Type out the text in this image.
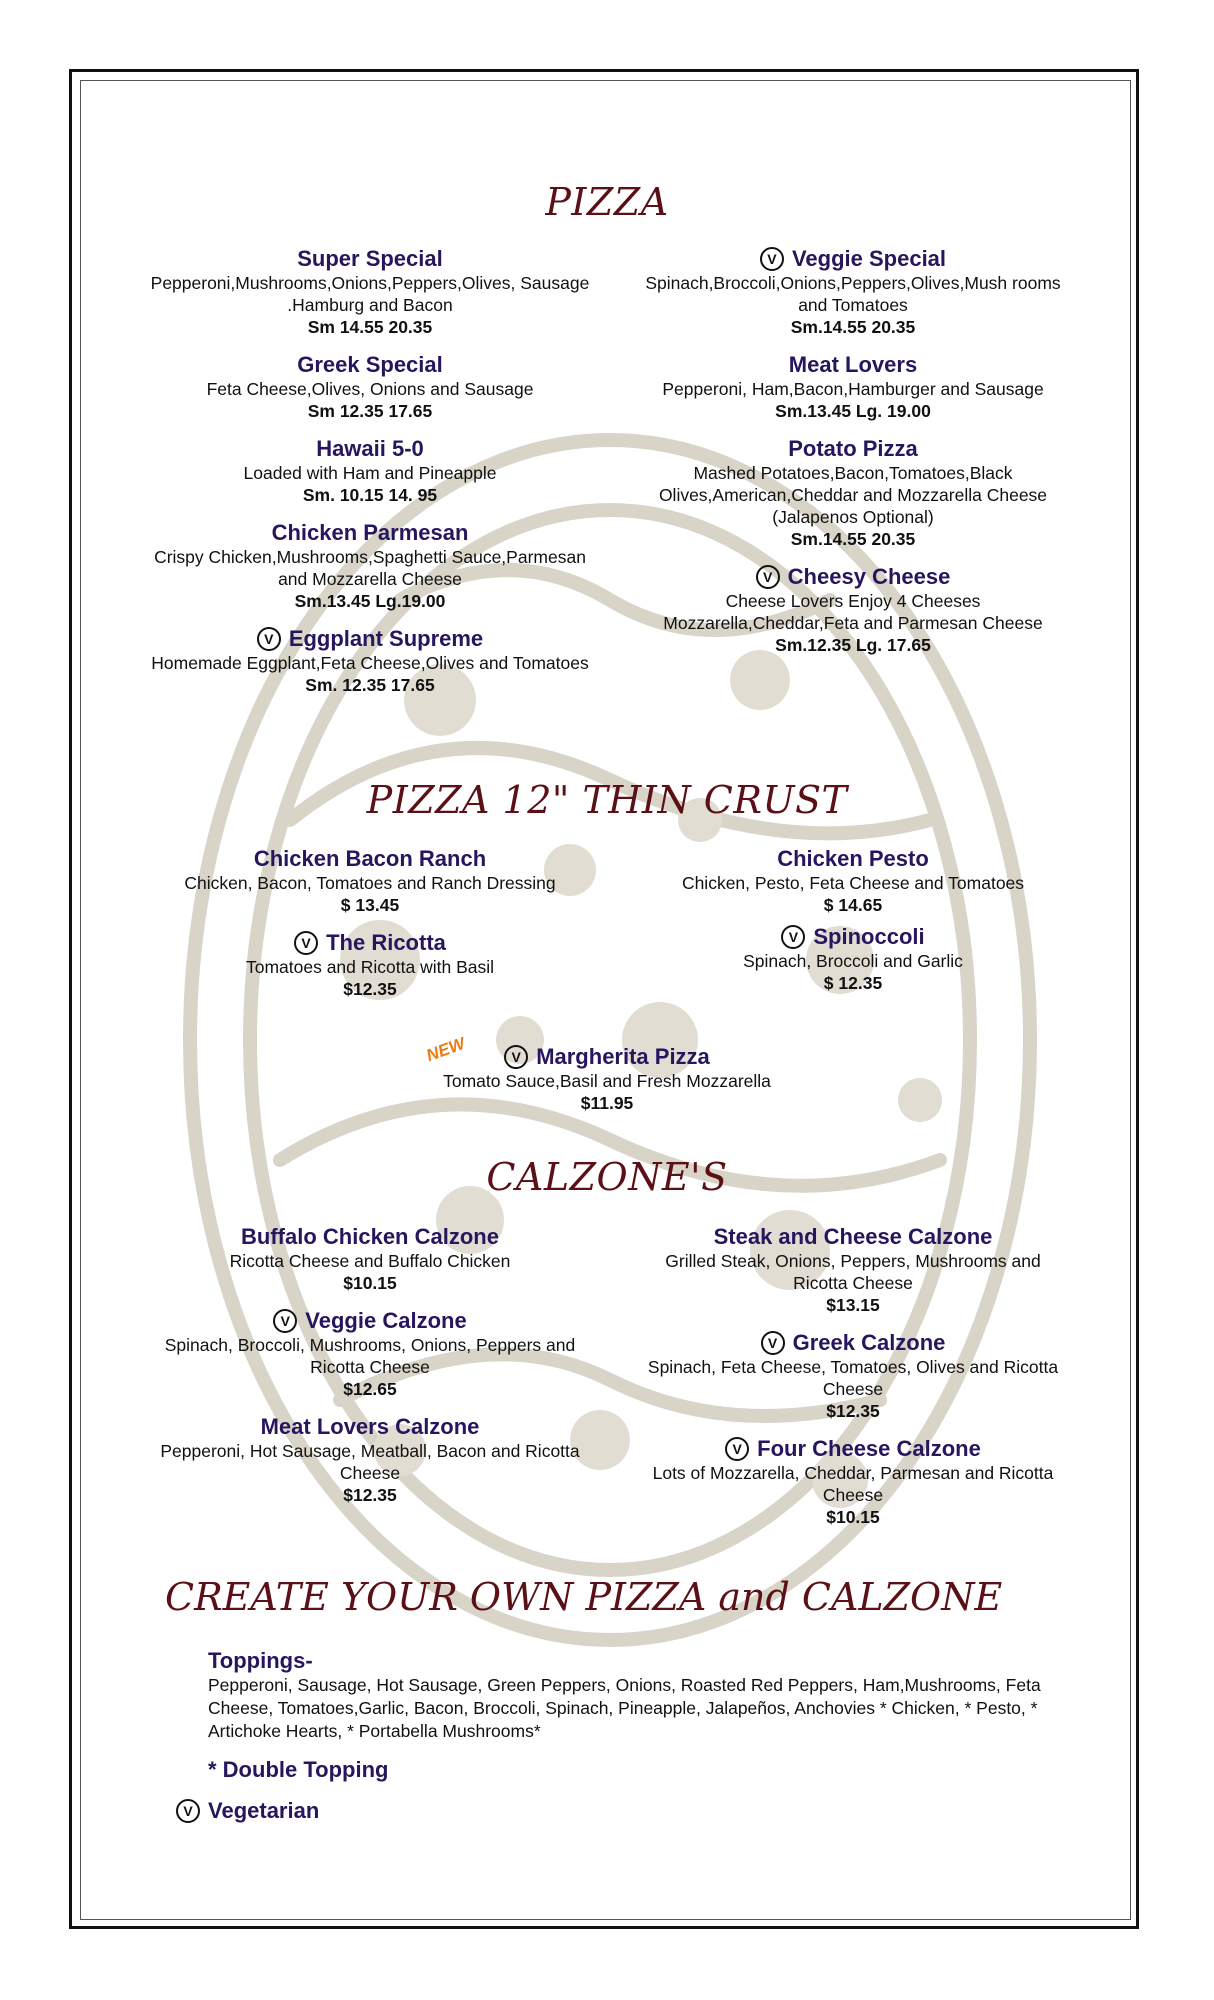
PIZZA
Super Special
Pepperoni,Mushrooms,Onions,Peppers,Olives, Sausage .Hamburg and Bacon
Sm 14.55 20.35
Greek Special
Feta Cheese,Olives, Onions and Sausage
Sm 12.35 17.65
Hawaii 5-0
Loaded with Ham and Pineapple
Sm. 10.15 14. 95
Chicken Parmesan
Crispy Chicken,Mushrooms,Spaghetti Sauce,Parmesan and Mozzarella Cheese
Sm.13.45 Lg.19.00
V Eggplant Supreme
Homemade Eggplant,Feta Cheese,Olives and Tomatoes
Sm. 12.35 17.65
V Veggie Special
Spinach,Broccoli,Onions,Peppers,Olives,Mush rooms and Tomatoes
Sm.14.55 20.35
Meat Lovers
Pepperoni, Ham,Bacon,Hamburger and Sausage
Sm.13.45 Lg. 19.00
Potato Pizza
Mashed Potatoes,Bacon,Tomatoes,Black Olives,American,Cheddar and Mozzarella Cheese (Jalapenos Optional)
Sm.14.55 20.35
V Cheesy Cheese
Cheese Lovers Enjoy 4 Cheeses Mozzarella,Cheddar,Feta and Parmesan Cheese
Sm.12.35 Lg. 17.65
PIZZA 12" THIN CRUST
Chicken Bacon Ranch
Chicken, Bacon, Tomatoes and Ranch Dressing
$ 13.45
V The Ricotta
Tomatoes and Ricotta with Basil
$12.35
Chicken Pesto
Chicken, Pesto, Feta Cheese and Tomatoes
$ 14.65
V Spinoccoli
Spinach, Broccoli and Garlic
$ 12.35
NEW	V Margherita Pizza
Tomato Sauce,Basil and Fresh Mozzarella
$11.95
CALZONE'S
Buffalo Chicken Calzone
Ricotta Cheese and Buffalo Chicken
$10.15
V Veggie Calzone
Spinach, Broccoli, Mushrooms, Onions, Peppers and Ricotta Cheese
$12.65
Meat Lovers Calzone
Pepperoni, Hot Sausage, Meatball, Bacon and Ricotta Cheese
$12.35
Steak and Cheese Calzone
Grilled Steak, Onions, Peppers, Mushrooms and Ricotta Cheese
$13.15
V Greek Calzone
Spinach, Feta Cheese, Tomatoes, Olives and Ricotta Cheese
$12.35
V Four Cheese Calzone
Lots of Mozzarella, Cheddar, Parmesan and Ricotta Cheese
$10.15
CREATE YOUR OWN PIZZA and CALZONE
Toppings-
Pepperoni, Sausage, Hot Sausage, Green Peppers, Onions, Roasted Red Peppers, Ham,Mushrooms, Feta Cheese, Tomatoes,Garlic, Bacon, Broccoli, Spinach, Pineapple, Jalapeños, Anchovies * Chicken, * Pesto, * Artichoke Hearts, * Portabella Mushrooms*
* Double Topping
V Vegetarian
